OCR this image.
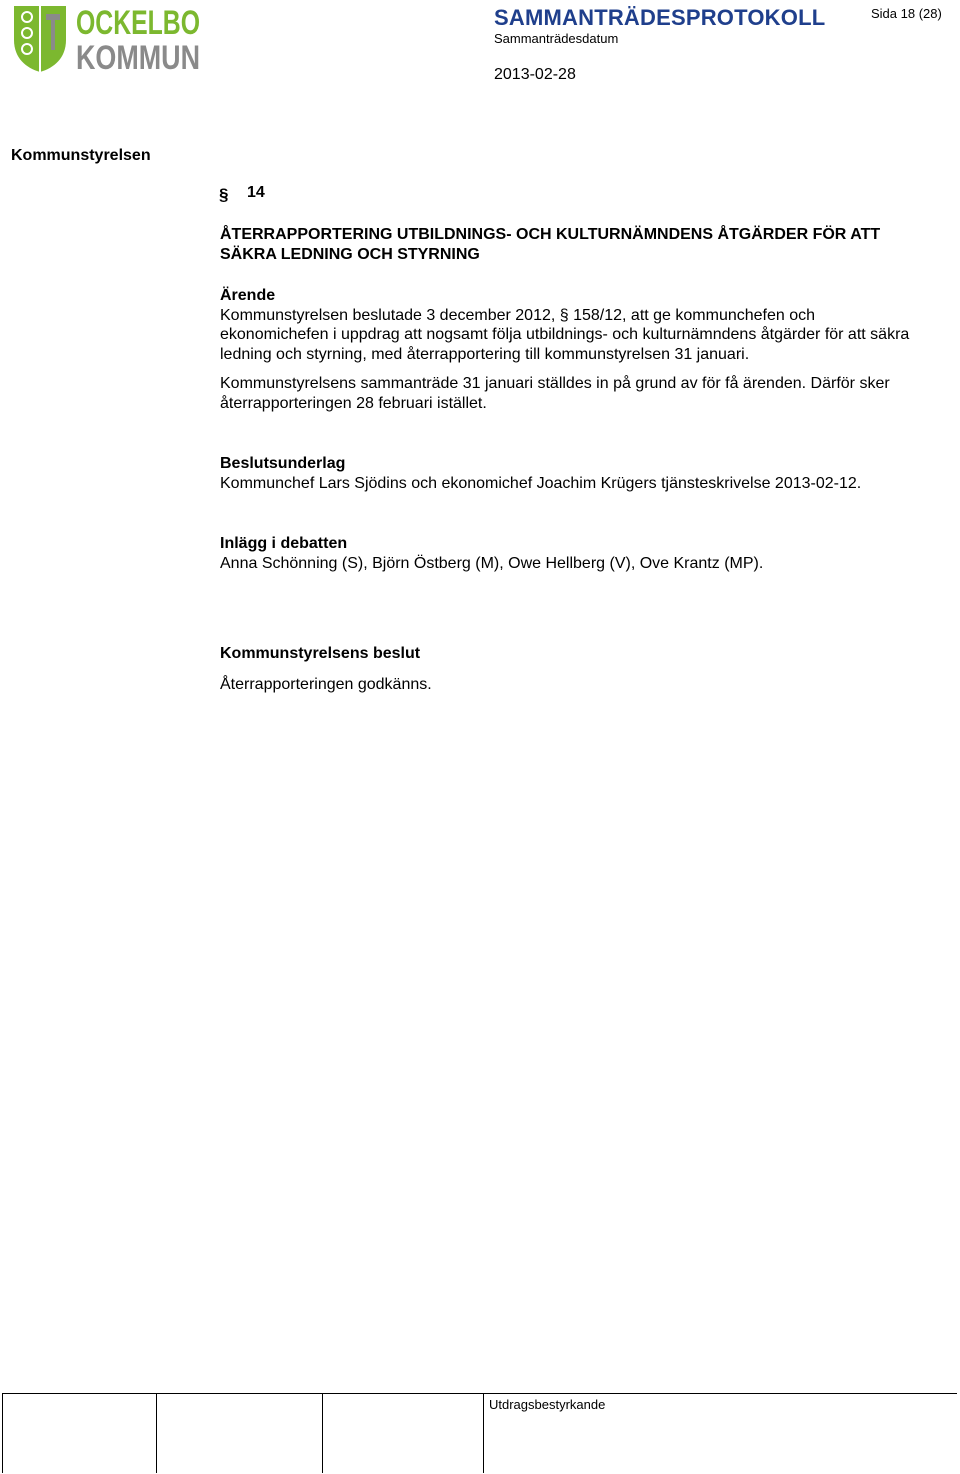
OCKELBO
KOMMUN
SAMMANTRÄDESPROTOKOLL	Sida 18 (28)
Sammanträdesdatum
2013-02-28
Kommunstyrelsen
§ 14
ÅTERRAPPORTERING UTBILDNINGS- OCH KULTURNÄMNDENS ÅTGÄRDER FÖR ATT
SÄKRA LEDNING OCH STYRNING
Ärende
Kommunstyrelsen beslutade 3 december 2012, § 158/12, att ge kommunchefen och
ekonomichefen i uppdrag att nogsamt följa utbildnings- och kulturnämndens åtgärder för att säkra
ledning och styrning, med återrapportering till kommunstyrelsen 31 januari.
Kommunstyrelsens sammanträde 31 januari ställdes in på grund av för få ärenden. Därför sker
återrapporteringen 28 februari istället.
Beslutsunderlag
Kommunchef Lars Sjödins och ekonomichef Joachim Krügers tjänsteskrivelse 2013-02-12.
Inlägg i debatten
Anna Schönning (S), Björn Östberg (M), Owe Hellberg (V), Ove Krantz (MP).
Kommunstyrelsens beslut
Återrapporteringen godkänns.
Utdragsbestyrkande
